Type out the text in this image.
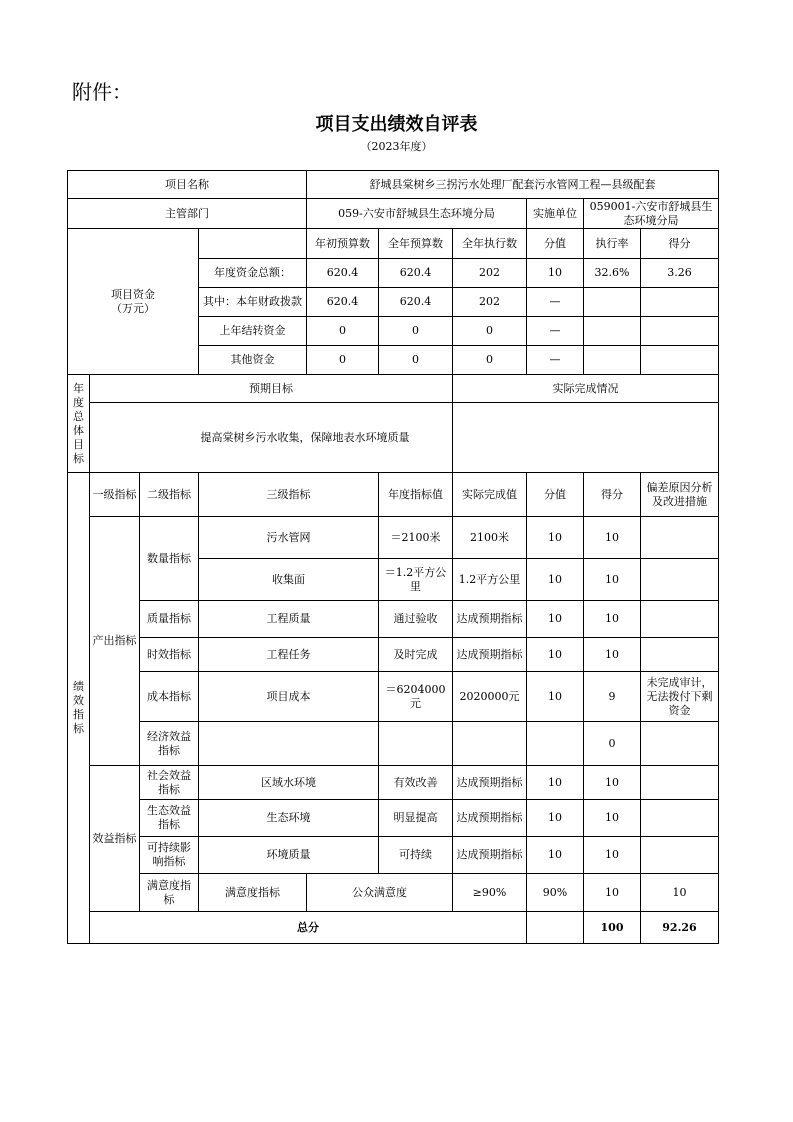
附件：
项目支出绩效自评表
（2023年度）
项目名称				舒城县棠树乡三拐污水处理厂配套污水管网工程—县级配套						
主管部门				059-六安市舒城县生态环境分局			实施单位	059001-六安市舒城县生态环境分局		
项目资金
（万元）				年初预算数	全年预算数	全年执行数	分值	执行率	得分	
			年度资金总额：	620.4	620.4	202	10	32.6%	3.26	
			其中：本年财政拨款	620.4	620.4	202	—			
			上年结转资金	0	0	0	—			
			其他资金	0	0	0	—			
年度总体目标	预期目标					实际完成情况				
	提高棠树乡污水收集，保障地表水环境质量									
绩效指标	一级指标	二级指标	三级指标		年度指标值	实际完成值	分值	得分	偏差原因分析及改进措施	
	产出指标	数量指标	污水管网		＝2100米	2100米	10	10		
			收集面		＝1.2平方公里	1.2平方公里	10	10		
		质量指标	工程质量		通过验收	达成预期指标	10	10		
		时效指标	工程任务		及时完成	达成预期指标	10	10		
		成本指标	项目成本		＝6204000元	2020000元	10	9	未完成审计，无法拨付下剩资金	
		经济效益指标						0		
	效益指标	社会效益指标	区域水环境		有效改善	达成预期指标	10	10		
		生态效益指标	生态环境		明显提高	达成预期指标	10	10		
		可持续影响指标	环境质量		可持续	达成预期指标	10	10		
		满意度指标	满意度指标	公众满意度		≥90%	90%	10	10	
	总分							100	92.26	
